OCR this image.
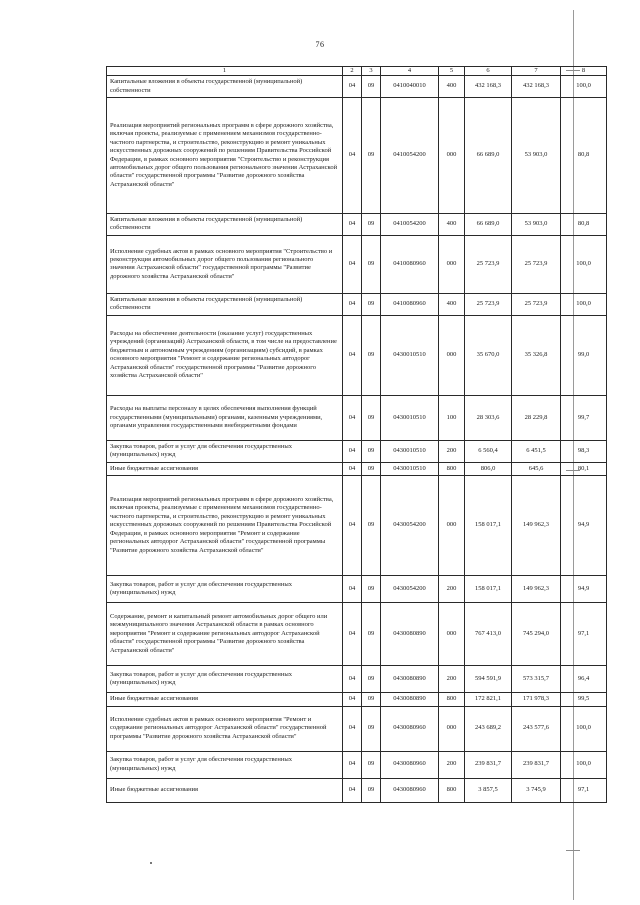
76
1	2	3	4	5	6	7	8
Капитальные вложения в объекты государственной (муниципальной) собственности	04	09	0410040010	400	432 168,3	432 168,3	100,0
Реализация мероприятий региональных программ в сфере дорожного хозяйства, включая проекты, реализуемые с применением механизмов государственно-частного партнерства, и строительство, реконструкцию и ремонт уникальных искусственных дорожных сооружений по решениям Правительства Российской Федерации, в рамках основного мероприятия "Строительство и реконструкция автомобильных дорог общего пользования регионального значения Астраханской области" государственной программы "Развитие дорожного хозяйства Астраханской области"	04	09	0410054200	000	66 689,0	53 903,0	80,8
Капитальные вложения в объекты государственной (муниципальной) собственности	04	09	0410054200	400	66 689,0	53 903,0	80,8
Исполнение судебных актов в рамках основного мероприятия "Строительство и реконструкция автомобильных дорог общего пользования регионального значения Астраханской области" государственной программы "Развитие дорожного хозяйства Астраханской области"	04	09	0410080960	000	25 723,9	25 723,9	100,0
Капитальные вложения в объекты государственной (муниципальной) собственности	04	09	0410080960	400	25 723,9	25 723,9	100,0
Расходы на обеспечение деятельности (оказание услуг) государственных учреждений (организаций) Астраханской области, в том числе на предоставление бюджетным и автономным учреждениям (организациям) субсидий, в рамках основного мероприятия "Ремонт и содержание региональных автодорог Астраханской области" государственной программы "Развитие дорожного хозяйства Астраханской области"	04	09	0430010510	000	35 670,0	35 326,8	99,0
Расходы на выплаты персоналу в целях обеспечения выполнения функций государственными (муниципальными) органами, казенными учреждениями, органами управления государственными внебюджетными фондами	04	09	0430010510	100	28 303,6	28 229,8	99,7
Закупка товаров, работ и услуг для обеспечения государственных (муниципальных) нужд	04	09	0430010510	200	6 560,4	6 451,5	98,3
Иные бюджетные ассигнования	04	09	0430010510	800	806,0	645,6	80,1
Реализация мероприятий региональных программ в сфере дорожного хозяйства, включая проекты, реализуемые с применением механизмов государственно-частного партнерства, и строительство, реконструкцию и ремонт уникальных искусственных дорожных сооружений по решениям Правительства Российской Федерации, в рамках основного мероприятия "Ремонт и содержание региональных автодорог Астраханской области" государственной программы "Развитие дорожного хозяйства Астраханской области"	04	09	0430054200	000	158 017,1	149 962,3	94,9
Закупка товаров, работ и услуг для обеспечения государственных (муниципальных) нужд	04	09	0430054200	200	158 017,1	149 962,3	94,9
Содержание, ремонт и капитальный ремонт автомобильных дорог общего или межмуниципального значения Астраханской области в рамках основного мероприятия "Ремонт и содержание региональных автодорог Астраханской области" государственной программы "Развитие дорожного хозяйства Астраханской области"	04	09	0430080890	000	767 413,0	745 294,0	97,1
Закупка товаров, работ и услуг для обеспечения государственных (муниципальных) нужд	04	09	0430080890	200	594 591,9	573 315,7	96,4
Иные бюджетные ассигнования	04	09	0430080890	800	172 821,1	171 978,3	99,5
Исполнение судебных актов в рамках основного мероприятия "Ремонт и содержание региональных автодорог Астраханской области" государственной программы "Развитие дорожного хозяйства Астраханской области"	04	09	0430080960	000	243 689,2	243 577,6	100,0
Закупка товаров, работ и услуг для обеспечения государственных (муниципальных) нужд	04	09	0430080960	200	239 831,7	239 831,7	100,0
Иные бюджетные ассигнования	04	09	0430080960	800	3 857,5	3 745,9	97,1
